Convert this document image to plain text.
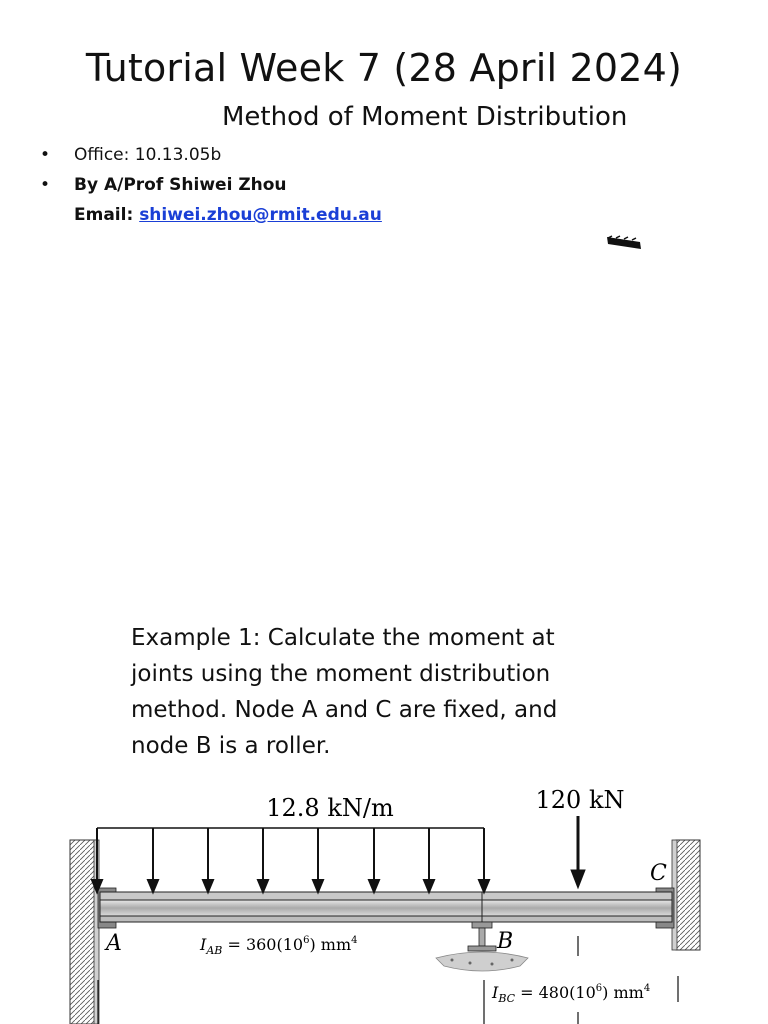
Tutorial Week 7 (28 April 2024)
Method of Moment Distribution
•	Office: 10.13.05b
•	By A/Prof Shiwei Zhou
Email: shiwei.zhou@rmit.edu.au
Example 1: Calculate the moment at joints using the moment distribution method. Node A and C are fixed, and node B is a roller.
12.8 kN/m	120 kN
A	B
C
$I_{AB} = 360(10^6)$ $mm^4$
$I_{BC} = 480(10^6)$ $mm^4$
